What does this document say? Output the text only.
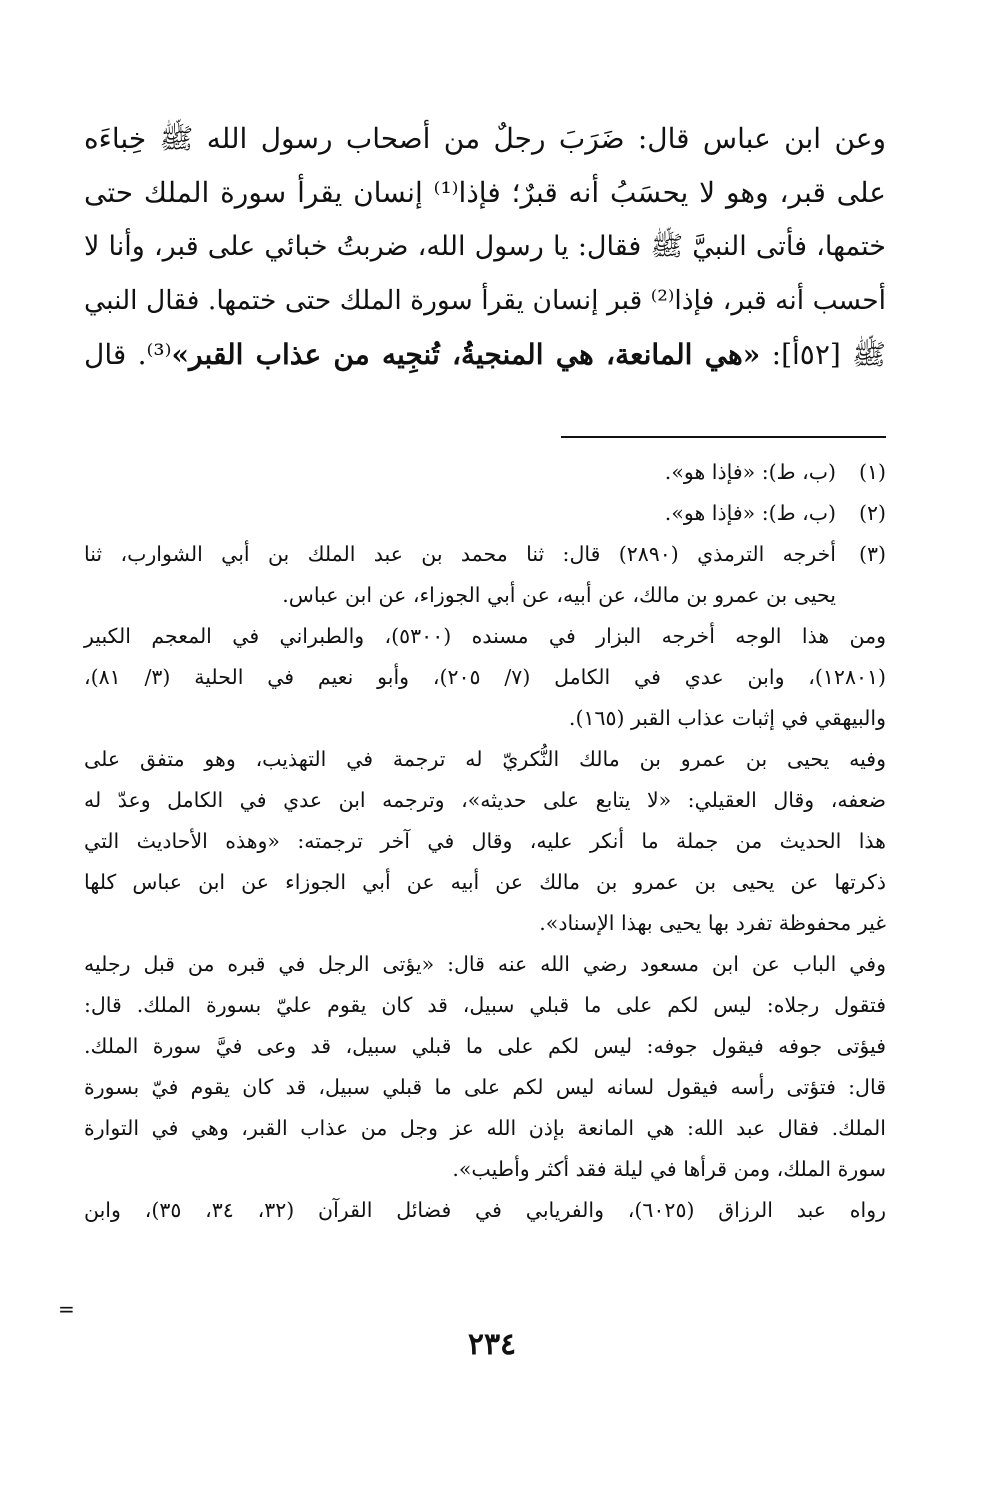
وعن ابن عباس قال: ضَرَبَ رجلٌ من أصحاب رسول الله ﷺ خِباءَه
على قبر، وهو لا يحسَبُ أنه قبرٌ؛ فإذا⁽¹⁾ إنسان يقرأ سورة الملك حتى
ختمها، فأتى النبيَّ ﷺ فقال: يا رسول الله، ضربتُ خبائي على قبر، وأنا لا
أحسب أنه قبر، فإذا⁽²⁾ قبر إنسان يقرأ سورة الملك حتى ختمها. فقال النبي
ﷺ [٥٢أ]: «هي المانعة، هي المنجيةُ، تُنجِيه من عذاب القبر»⁽³⁾. قال
(١)
(ب، ط): «فإذا هو».
(٢)
(ب، ط): «فإذا هو».
(٣)
أخرجه الترمذي (٢٨٩٠) قال: ثنا محمد بن عبد الملك بن أبي الشوارب، ثنا
يحيى بن عمرو بن مالك، عن أبيه، عن أبي الجوزاء، عن ابن عباس.
ومن هذا الوجه أخرجه البزار في مسنده (٥٣٠٠)، والطبراني في المعجم الكبير
(١٢٨٠١)، وابن عدي في الكامل (٧/ ٢٠٥)، وأبو نعيم في الحلية (٣/ ٨١)،
والبيهقي في إثبات عذاب القبر (١٦٥).
وفيه يحيى بن عمرو بن مالك النُّكريّ له ترجمة في التهذيب، وهو متفق على
ضعفه، وقال العقيلي: «لا يتابع على حديثه»، وترجمه ابن عدي في الكامل وعدّ له
هذا الحديث من جملة ما أنكر عليه، وقال في آخر ترجمته: «وهذه الأحاديث التي
ذكرتها عن يحيى بن عمرو بن مالك عن أبيه عن أبي الجوزاء عن ابن عباس كلها
غير محفوظة تفرد بها يحيى بهذا الإسناد».
وفي الباب عن ابن مسعود رضي الله عنه قال: «يؤتى الرجل في قبره من قبل رجليه
فتقول رجلاه: ليس لكم على ما قبلي سبيل، قد كان يقوم عليّ بسورة الملك. قال:
فيؤتى جوفه فيقول جوفه: ليس لكم على ما قبلي سبيل، قد وعى فيَّ سورة الملك.
قال: فتؤتى رأسه فيقول لسانه ليس لكم على ما قبلي سبيل، قد كان يقوم فيّ بسورة
الملك. فقال عبد الله: هي المانعة بإذن الله عز وجل من عذاب القبر، وهي في التوارة
سورة الملك، ومن قرأها في ليلة فقد أكثر وأطيب».
رواه عبد الرزاق (٦٠٢٥)، والفريابي في فضائل القرآن (٣٢، ٣٤، ٣٥)، وابن
=
٢٣٤
